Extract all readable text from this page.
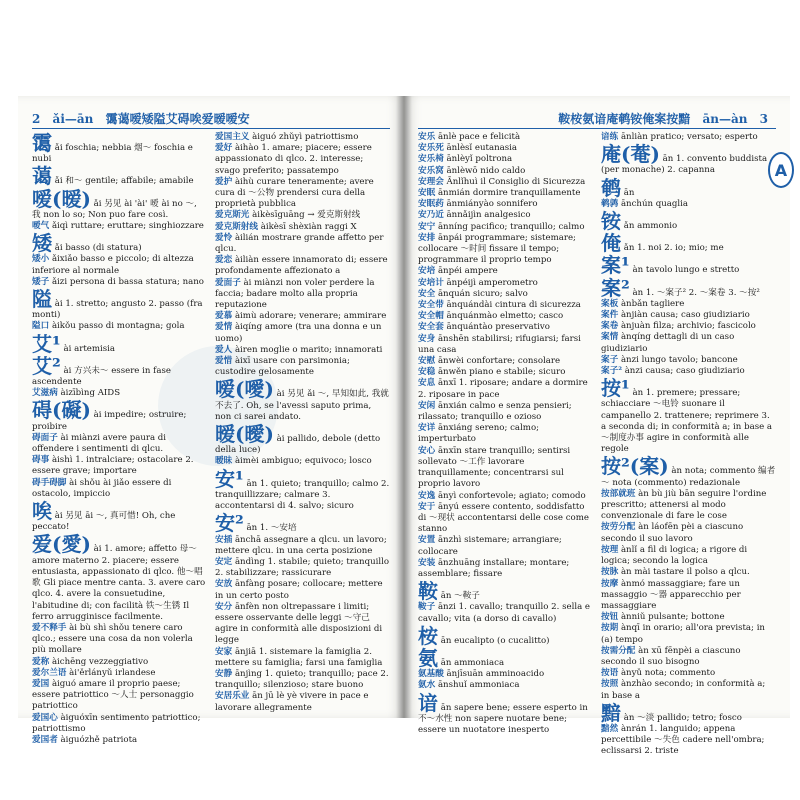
2 ǎi—ān 霭蔼嗳矮隘艾碍唉爱暧嗳安

霭 ǎi foschia; nebbia 烟～ foschia e nubi

蔼 ǎi 和～ gentile; affabile; amabile

嗳(暧) ǎi 另见 ài 'ài' 嗳 ài no ～, 我 non lo so; Non puo fare così.

嗳气 ǎiqì ruttare; eruttare; singhiozzare

矮 ǎi basso (di statura)

矮小 ǎixiǎo basso e piccolo; di altezza inferiore al normale

矮子 ǎizi persona di bassa statura; nano

隘 ài 1. stretto; angusto 2. passo (fra monti)

隘口 àikǒu passo di montagna; gola

艾¹ ài artemisia

艾² ài 方兴未～ essere in fase ascendente

艾滋病 àizībìng AIDS

碍(礙) ài impedire; ostruire; proibire

碍面子 ài miànzi avere paura di offendere i sentimenti di qlcu.

碍事 àishì 1. intralciare; ostacolare 2. essere grave; importare

碍手碍脚 ài shǒu ài jiǎo essere di ostacolo, impiccio

唉 ài 另见 āi ～, 真可惜! Oh, che peccato!

爱(愛) ài 1. amore; affetto 母～ amore materno 2. piacere; essere entusiasta, appassionato di qlco. 他～唱歌 Gli piace mentre canta. 3. avere caro qlco. 4. avere la consuetudine, l'abitudine di; con facilità 铁～生锈 Il ferro arrugginisce facilmente.

爱不释手 ài bù shì shǒu tenere caro qlco.; essere una cosa da non volerla più mollare

爱称 àichēng vezzeggiativo

爱尔兰语 ài'ěrlányǔ irlandese

爱国 àiguó amare il proprio paese; essere patriottico ～人士 personaggio patriottico

爱国心 àiguóxīn sentimento patriottico; patriottismo

爱国者 àiguózhě patriota

爱国主义 àiguó zhǔyì patriottismo

爱好 àihào 1. amare; piacere; essere appassionato di qlco. 2. interesse; svago preferito; passatempo

爱护 àihù curare teneramente; avere cura di ～公物 prendersi cura della proprietà pubblica

爱克斯光 àikèsīguāng → 爱克斯射线

爱克斯射线 àikèsī shèxiàn raggi X

爱怜 àilián mostrare grande affetto per qlcu.

爱恋 àiliàn essere innamorato di; essere profondamente affezionato a

爱面子 ài miànzi non voler perdere la faccia; badare molto alla propria reputazione

爱慕 àimù adorare; venerare; ammirare

爱情 àiqíng amore (tra una donna e un uomo)

爱人 àiren moglie o marito; innamorati

爱惜 àixī usare con parsimonia; custodire gelosamente

嗳(噯) ài 另见 ǎi ～, 早知如此, 我就不去了. Oh, se l'avessi saputo prima, non ci sarei andato.

暧(曖) ài pallido, debole (detto della luce)

暧昧 àimèi ambiguo; equivoco; losco

安¹ ān 1. quieto; tranquillo; calmo 2. tranquillizzare; calmare 3. accontentarsi di 4. salvo; sicuro

安² ān 1. ～安培

安插 ānchā assegnare a qlcu. un lavoro; mettere qlcu. in una certa posizione

安定 āndìng 1. stabile; quieto; tranquillo 2. stabilizzare; rassicurare

安放 ānfàng posare; collocare; mettere in un certo posto

安分 ānfèn non oltrepassare i limiti; essere osservante delle leggi ～守己 agire in conformità alle disposizioni di legge

安家 ānjiā 1. sistemare la famiglia 2. mettere su famiglia; farsi una famiglia

安静 ānjìng 1. quieto; tranquillo; pace 2. tranquillo; silenzioso; stare buono

安居乐业 ān jū lè yè vivere in pace e lavorare allegramente

鞍桉氨谙庵鹌铵俺案按黯 ān—àn 3

安乐 ānlè pace e felicità

安乐死 ānlèsǐ eutanasia

安乐椅 ānlèyǐ poltrona

安乐窝 ānlèwō nido caldo

安理会 Ānlǐhuì il Consiglio di Sicurezza

安眠 ānmián dormire tranquillamente

安眠药 ānmiányào sonnifero

安乃近 ānnǎijìn analgesico

安宁 ānníng pacifico; tranquillo; calmo

安排 ānpái programmare; sistemare; collocare ～时间 fissare il tempo; programmare il proprio tempo

安培 ānpéi ampere

安培计 ānpéijì amperometro

安全 ānquán sicuro; salvo

安全带 ānquándài cintura di sicurezza

安全帽 ānquánmào elmetto; casco

安全套 ānquántào preservativo

安身 ānshēn stabilirsi; rifugiarsi; farsi una casa

安慰 ānwèi confortare; consolare

安稳 ānwěn piano e stabile; sicuro

安息 ānxī 1. riposare; andare a dormire 2. riposare in pace

安闲 ānxián calmo e senza pensieri; rilassato; tranquillo e ozioso

安详 ānxiáng sereno; calmo; imperturbato

安心 ānxīn stare tranquillo; sentirsi sollevato ～工作 lavorare tranquillamente; concentrarsi sul proprio lavoro

安逸 ānyì confortevole; agiato; comodo

安于 ānyú essere contento, soddisfatto di ～现状 accontentarsi delle cose come stanno

安置 ānzhì sistemare; arrangiare; collocare

安装 ānzhuāng installare; montare; assemblare; fissare

鞍 ān ～鞍子

鞍子 ānzi 1. cavallo; tranquillo 2. sella e cavallo; vita (a dorso di cavallo)

桉 ān eucalipto (o cucalitto)

氨 ān ammoniaca

氨基酸 ānjīsuān amminoacido

氨水 ānshuǐ ammoniaca

谙 ān sapere bene; essere esperto in 不～水性 non sapere nuotare bene; essere un nuotatore inesperto

谙练 ānliàn pratico; versato; esperto

庵(菴) ān 1. convento buddista (per monache) 2. capanna

鹌 ān

鹌鹑 ānchún quaglia

铵 ǎn ammonio

俺 ǎn 1. noi 2. io; mio; me

案¹ àn tavolo lungo e stretto

案² àn 1. ～案子² 2. ～案卷 3. ～按²

案板 ànbǎn tagliere

案件 ànjiàn causa; caso giudiziario

案卷 ànjuàn filza; archivio; fascicolo

案情 ànqíng dettagli di un caso giudiziario

案子 ànzi lungo tavolo; bancone

案子² ànzi causa; caso giudiziario

按¹ àn 1. premere; pressare; schiacciare ～电铃 suonare il campanello 2. trattenere; reprimere 3. a seconda di; in conformità a; in base a ～制度办事 agire in conformità alle regole

按²(案) àn nota; commento 编者～ nota (commento) redazionale

按部就班 àn bù jiù bān seguire l'ordine prescritto; attenersi al modo convenzionale di fare le cose

按劳分配 àn láofēn pèi a ciascuno secondo il suo lavoro

按理 ànlǐ a fil di logica; a rigore di logica; secondo la logica

按脉 àn mài tastare il polso a qlcu.

按摩 ànmó massaggiare; fare un massaggio ～器 apparecchio per massaggiare

按钮 ànniǔ pulsante; bottone

按期 ànqī in orario; all'ora prevista; in (a) tempo

按需分配 àn xū fēnpèi a ciascuno secondo il suo bisogno

按语 ànyǔ nota; commento

按照 ànzhào secondo; in conformità a; in base a

黯 àn ～淡 pallido; tetro; fosco

黯然 ànrán 1. languido; appena percettibile ～失色 cadere nell'ombra; eclissarsi 2. triste

A
